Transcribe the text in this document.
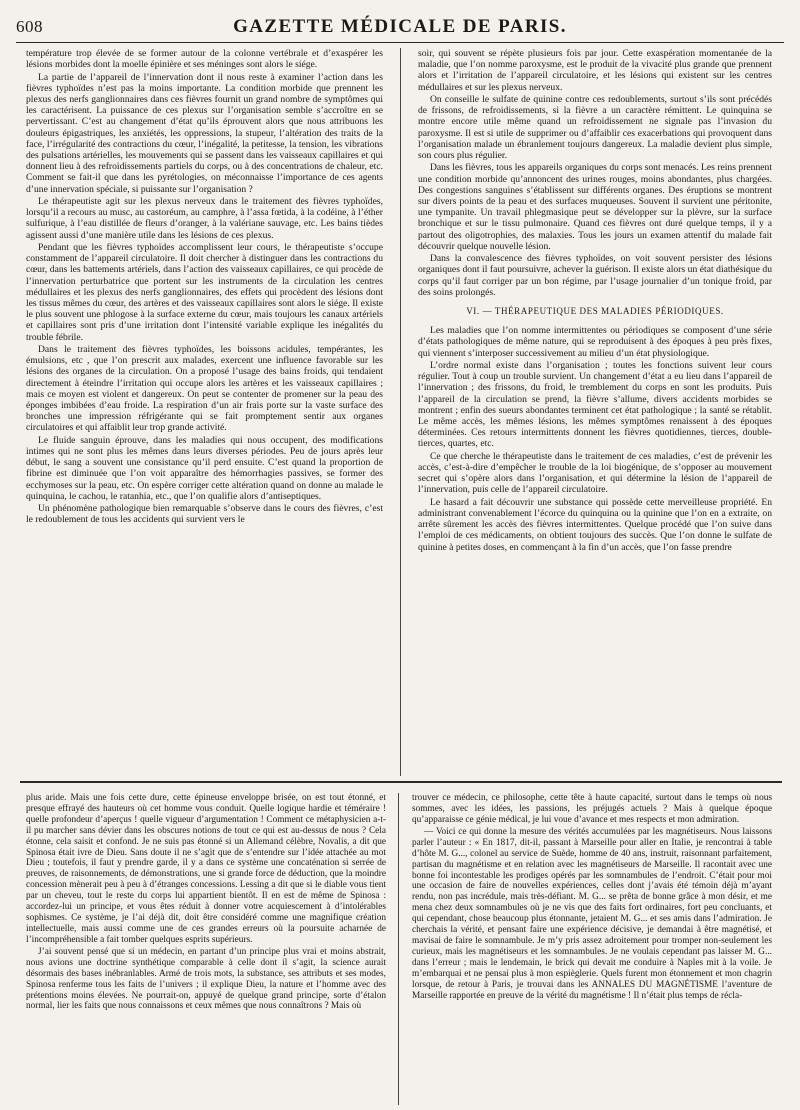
608	GAZETTE MÉDICALE DE PARIS.

température trop élevée de se former autour de la colonne vertébrale et d’exaspérer les lésions morbides dont la moelle épinière et ses méninges sont alors le siége.

La partie de l’appareil de l’innervation dont il nous reste à examiner l’action dans les fièvres typhoïdes n’est pas la moins importante. La condition morbide que prennent les plexus des nerfs ganglionnaires dans ces fièvres fournit un grand nombre de symptômes qui les caractérisent. La puissance de ces plexus sur l’organisation semble s’accroître en se pervertissant. C’est au changement d’état qu’ils éprouvent alors que nous attribuons les douleurs épigastriques, les anxiétés, les oppressions, la stupeur, l’altération des traits de la face, l’irrégularité des contractions du cœur, l’inégalité, la petitesse, la tension, les vibrations des pulsations artérielles, les mouvements qui se passent dans les vaisseaux capillaires et qui donnent lieu à des refroidissements partiels du corps, ou à des concentrations de chaleur, etc. Comment se fait-il que dans les pyrétologies, on méconnaisse l’importance de ces agents d’une innervation spéciale, si puissante sur l’organisation ?

Le thérapeutiste agit sur les plexus nerveux dans le traitement des fièvres typhoïdes, lorsqu’il a recours au musc, au castoréum, au camphre, à l’assa fœtida, à la codéine, à l’éther sulfurique, à l’eau distillée de fleurs d’oranger, à la valériane sauvage, etc. Les bains tièdes agissent aussi d’une manière utile dans les lésions de ces plexus.

Pendant que les fièvres typhoïdes accomplissent leur cours, le thérapeutiste s’occupe constamment de l’appareil circulatoire. Il doit chercher à distinguer dans les contractions du cœur, dans les battements artériels, dans l’action des vaisseaux capillaires, ce qui procède de l’innervation perturbatrice que portent sur les instruments de la circulation les centres médullaires et les plexus des nerfs ganglionnaires, des effets qui procèdent des lésions dont les tissus mêmes du cœur, des artères et des vaisseaux capillaires sont alors le siége. Il existe le plus souvent une phlogose à la surface externe du cœur, mais toujours les canaux artériels et capillaires sont pris d’une irritation dont l’intensité variable explique les inégalités du trouble fébrile.

Dans le traitement des fièvres typhoïdes, les boissons acidules, tempérantes, les émulsions, etc , que l’on prescrit aux malades, exercent une influence favorable sur les lésions des organes de la circulation. On a proposé l’usage des bains froids, qui tendaient directement à éteindre l’irritation qui occupe alors les artères et les vaisseaux capillaires ; mais ce moyen est violent et dangereux. On peut se contenter de promener sur la peau des éponges imbibées d’eau froide. La respiration d’un air frais porte sur la vaste surface des bronches une impression réfrigérante qui se fait promptement sentir aux organes circulatoires et qui affaiblit leur trop grande activité.

Le fluide sanguin éprouve, dans les maladies qui nous occupent, des modifications intimes qui ne sont plus les mêmes dans leurs diverses périodes. Peu de jours après leur début, le sang a souvent une consistance qu’il perd ensuite. C’est quand la proportion de fibrine est diminuée que l’on voit apparaître des hémorrhagies passives, se former des ecchymoses sur la peau, etc. On espère corriger cette altération quand on donne au malade le quinquina, le cachou, le ratanhia, etc., que l’on qualifie alors d’antiseptiques.

Un phénomène pathologique bien remarquable s’observe dans le cours des fièvres, c’est le redoublement de tous les accidents qui survient vers le

soir, qui souvent se répète plusieurs fois par jour. Cette exaspération momentanée de la maladie, que l’on nomme paroxysme, est le produit de la vivacité plus grande que prennent alors et l’irritation de l’appareil circulatoire, et les lésions qui existent sur les centres médullaires et sur les plexus nerveux.

On conseille le sulfate de quinine contre ces redoublements, surtout s’ils sont précédés de frissons, de refroidissements, si la fièvre a un caractère rémittent. Le quinquina se montre encore utile même quand un refroidissement ne signale pas l’invasion du paroxysme. Il est si utile de supprimer ou d’affaiblir ces exacerbations qui provoquent dans l’organisation malade un ébranlement toujours dangereux. La maladie devient plus simple, son cours plus régulier.

Dans les fièvres, tous les appareils organiques du corps sont menacés. Les reins prennent une condition morbide qu’annoncent des urines rouges, moins abondantes, plus chargées. Des congestions sanguines s’établissent sur différents organes. Des éruptions se montrent sur divers points de la peau et des surfaces muqueuses. Souvent il survient une péritonite, une tympanite. Un travail phlegmasique peut se développer sur la plèvre, sur la surface bronchique et sur le tissu pulmonaire. Quand ces fièvres ont duré quelque temps, il y a partout des oligotrophies, des malaxies. Tous les jours un examen attentif du malade fait découvrir quelque nouvelle lésion.

Dans la convalescence des fièvres typhoïdes, on voit souvent persister des lésions organiques dont il faut poursuivre, achever la guérison. Il existe alors un état diathésique du corps qu’il faut corriger par un bon régime, par l’usage journalier d’un tonique froid, par des soins prolongés.

VI. — THÉRAPEUTIQUE DES MALADIES PÉRIODIQUES.

Les maladies que l’on nomme intermittentes ou périodiques se composent d’une série d’états pathologiques de même nature, qui se reproduisent à des époques à peu près fixes, qui viennent s’interposer successivement au milieu d’un état physiologique.

L’ordre normal existe dans l’organisation ; toutes les fonctions suivent leur cours régulier. Tout à coup un trouble survient. Un changement d’état a eu lieu dans l’appareil de l’innervation ; des frissons, du froid, le tremblement du corps en sont les produits. Puis l’appareil de la circulation se prend, la fièvre s’allume, divers accidents morbides se montrent ; enfin des sueurs abondantes terminent cet état pathologique ; la santé se rétablit. Le même accès, les mêmes lésions, les mêmes symptômes renaissent à des époques déterminées. Ces retours intermittents donnent les fièvres quotidiennes, tierces, double-tierces, quartes, etc.

Ce que cherche le thérapeutiste dans le traitement de ces maladies, c’est de prévenir les accès, c’est-à-dire d’empêcher le trouble de la loi biogénique, de s’opposer au mouvement secret qui s’opère alors dans l’organisation, et qui détermine la lésion de l’appareil de l’innervation, puis celle de l’appareil circulatoire.

Le hasard a fait découvrir une substance qui possède cette merveilleuse propriété. En administrant convenablement l’écorce du quinquina ou la quinine que l’on en a extraite, on arrête sûrement les accès des fièvres intermittentes. Quelque procédé que l’on suive dans l’emploi de ces médicaments, on obtient toujours des succès. Que l’on donne le sulfate de quinine à petites doses, en commençant à la fin d’un accès, que l’on fasse prendre

plus aride. Mais une fois cette dure, cette épineuse enveloppe brisée, on est tout étonné, et presque effrayé des hauteurs où cet homme vous conduit. Quelle logique hardie et téméraire ! quelle profondeur d’aperçus ! quelle vigueur d’argumentation ! Comment ce métaphysicien a-t-il pu marcher sans dévier dans les obscures notions de tout ce qui est au-dessus de nous ? Cela étonne, cela saisit et confond. Je ne suis pas étonné si un Allemand célèbre, Novalis, a dit que Spinosa était ivre de Dieu. Sans doute il ne s’agit que de s’entendre sur l’idée attachée au mot Dieu ; toutefois, il faut y prendre garde, il y a dans ce système une concaténation si serrée de preuves, de raisonnements, de démonstrations, une si grande force de déduction, que la moindre concession mènerait peu à peu à d’étranges concessions. Lessing a dit que si le diable vous tient par un cheveu, tout le reste du corps lui appartient bientôt. Il en est de même de Spinosa : accordez-lui un principe, et vous êtes réduit à donner votre acquiescement à d’intolérables sophismes. Ce système, je l’ai déjà dit, doit être considéré comme une magnifique création intellectuelle, mais aussi comme une de ces grandes erreurs où la poursuite acharnée de l’incompréhensible a fait tomber quelques esprits supérieurs.

J’ai souvent pensé que si un médecin, en partant d’un principe plus vrai et moins abstrait, nous avions une doctrine synthétique comparable à celle dont il s’agit, la science aurait désormais des bases inébranlables. Armé de trois mots, la substance, ses attributs et ses modes, Spinosa renferme tous les faits de l’univers ; il explique Dieu, la nature et l’homme avec des prétentions moins élevées. Ne pourrait-on, appuyé de quelque grand principe, sorte d’étalon normal, lier les faits que nous connaissons et ceux mêmes que nous connaîtrons ? Mais où

trouver ce médecin, ce philosophe, cette tête à haute capacité, surtout dans le temps où nous sommes, avec les idées, les passions, les préjugés actuels ? Mais à quelque époque qu’apparaisse ce génie médical, je lui voue d’avance et mes respects et mon admiration.

— Voici ce qui donne la mesure des vérités accumulées par les magnétiseurs. Nous laissons parler l’auteur : « En 1817, dit-il, passant à Marseille pour aller en Italie, je rencontrai à table d’hôte M. G..., colonel au service de Suède, homme de 40 ans, instruit, raisonnant parfaitement, partisan du magnétisme et en relation avec les magnétiseurs de Marseille. Il racontait avec une bonne foi incontestable les prodiges opérés par les somnambules de l’endroit. C’était pour moi une occasion de faire de nouvelles expériences, celles dont j’avais été témoin déjà m’ayant rendu, non pas incrédule, mais très-défiant. M. G... se prêta de bonne grâce à mon désir, et me mena chez deux somnambules où je ne vis que des faits fort ordinaires, fort peu concluants, et qui cependant, chose beaucoup plus étonnante, jetaient M. G... et ses amis dans l’admiration. Je cherchais la vérité, et pensant faire une expérience décisive, je demandai à être magnétisé, et mavisai de faire le somnambule. Je m’y pris assez adroitement pour tromper non-seulement les curieux, mais les magnétiseurs et les somnambules. Je ne voulais cependant pas laisser M. G... dans l’erreur ; mais le lendemain, le brick qui devait me conduire à Naples mit à la voile. Je m’embarquai et ne pensai plus à mon espièglerie. Quels furent mon étonnement et mon chagrin lorsque, de retour à Paris, je trouvai dans les ANNALES DU MAGNÉTISME l’aventure de Marseille rapportée en preuve de la vérité du magnétisme ! Il n’était plus temps de récla-
